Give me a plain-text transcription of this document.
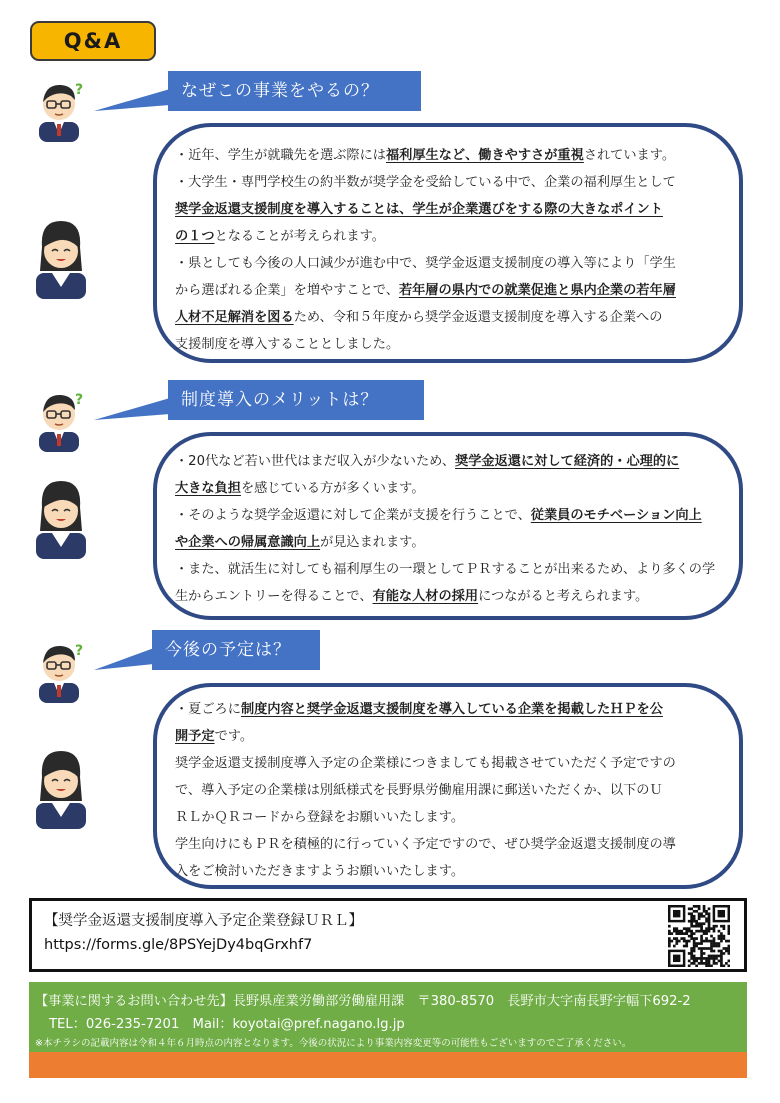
Q&A
?	なぜこの事業をやるの？
・近年、学生が就職先を選ぶ際には福利厚生など、働きやすさが重視されています。
・大学生・専門学校生の約半数が奨学金を受給している中で、企業の福利厚生として
奨学金返還支援制度を導入することは、学生が企業選びをする際の大きなポイント
の１つとなることが考えられます。
・県としても今後の人口減少が進む中で、奨学金返還支援制度の導入等により「学生
から選ばれる企業」を増やすことで、若年層の県内での就業促進と県内企業の若年層
人材不足解消を図るため、令和５年度から奨学金返還支援制度を導入する企業への
支援制度を導入することとしました。
?	制度導入のメリットは？
・20代など若い世代はまだ収入が少ないため、奨学金返還に対して経済的・心理的に
大きな負担を感じている方が多くいます。
・そのような奨学金返還に対して企業が支援を行うことで、従業員のモチベーション向上
や企業への帰属意識向上が見込まれます。
・また、就活生に対しても福利厚生の一環としてＰＲすることが出来るため、より多くの学
生からエントリーを得ることで、有能な人材の採用につながると考えられます。
?	今後の予定は？
・夏ごろに制度内容と奨学金返還支援制度を導入している企業を掲載したＨＰを公
開予定です。
奨学金返還支援制度導入予定の企業様につきましても掲載させていただく予定ですの
で、導入予定の企業様は別紙様式を長野県労働雇用課に郵送いただくか、以下のＵ
ＲＬかＱＲコードから登録をお願いいたします。
学生向けにもＰＲを積極的に行っていく予定ですので、ぜひ奨学金返還支援制度の導
入をご検討いただきますようお願いいたします。
【奨学金返還支援制度導入予定企業登録ＵＲＬ】
https://forms.gle/8PSYejDy4bqGrxhf7
【事業に関するお問い合わせ先】長野県産業労働部労働雇用課　〒380-8570　長野市大字南長野字幅下692-2
TEL：026-235-7201　Mail：koyotai@pref.nagano.lg.jp
※本チラシの記載内容は令和４年６月時点の内容となります。今後の状況により事業内容変更等の可能性もございますのでご了承ください。
